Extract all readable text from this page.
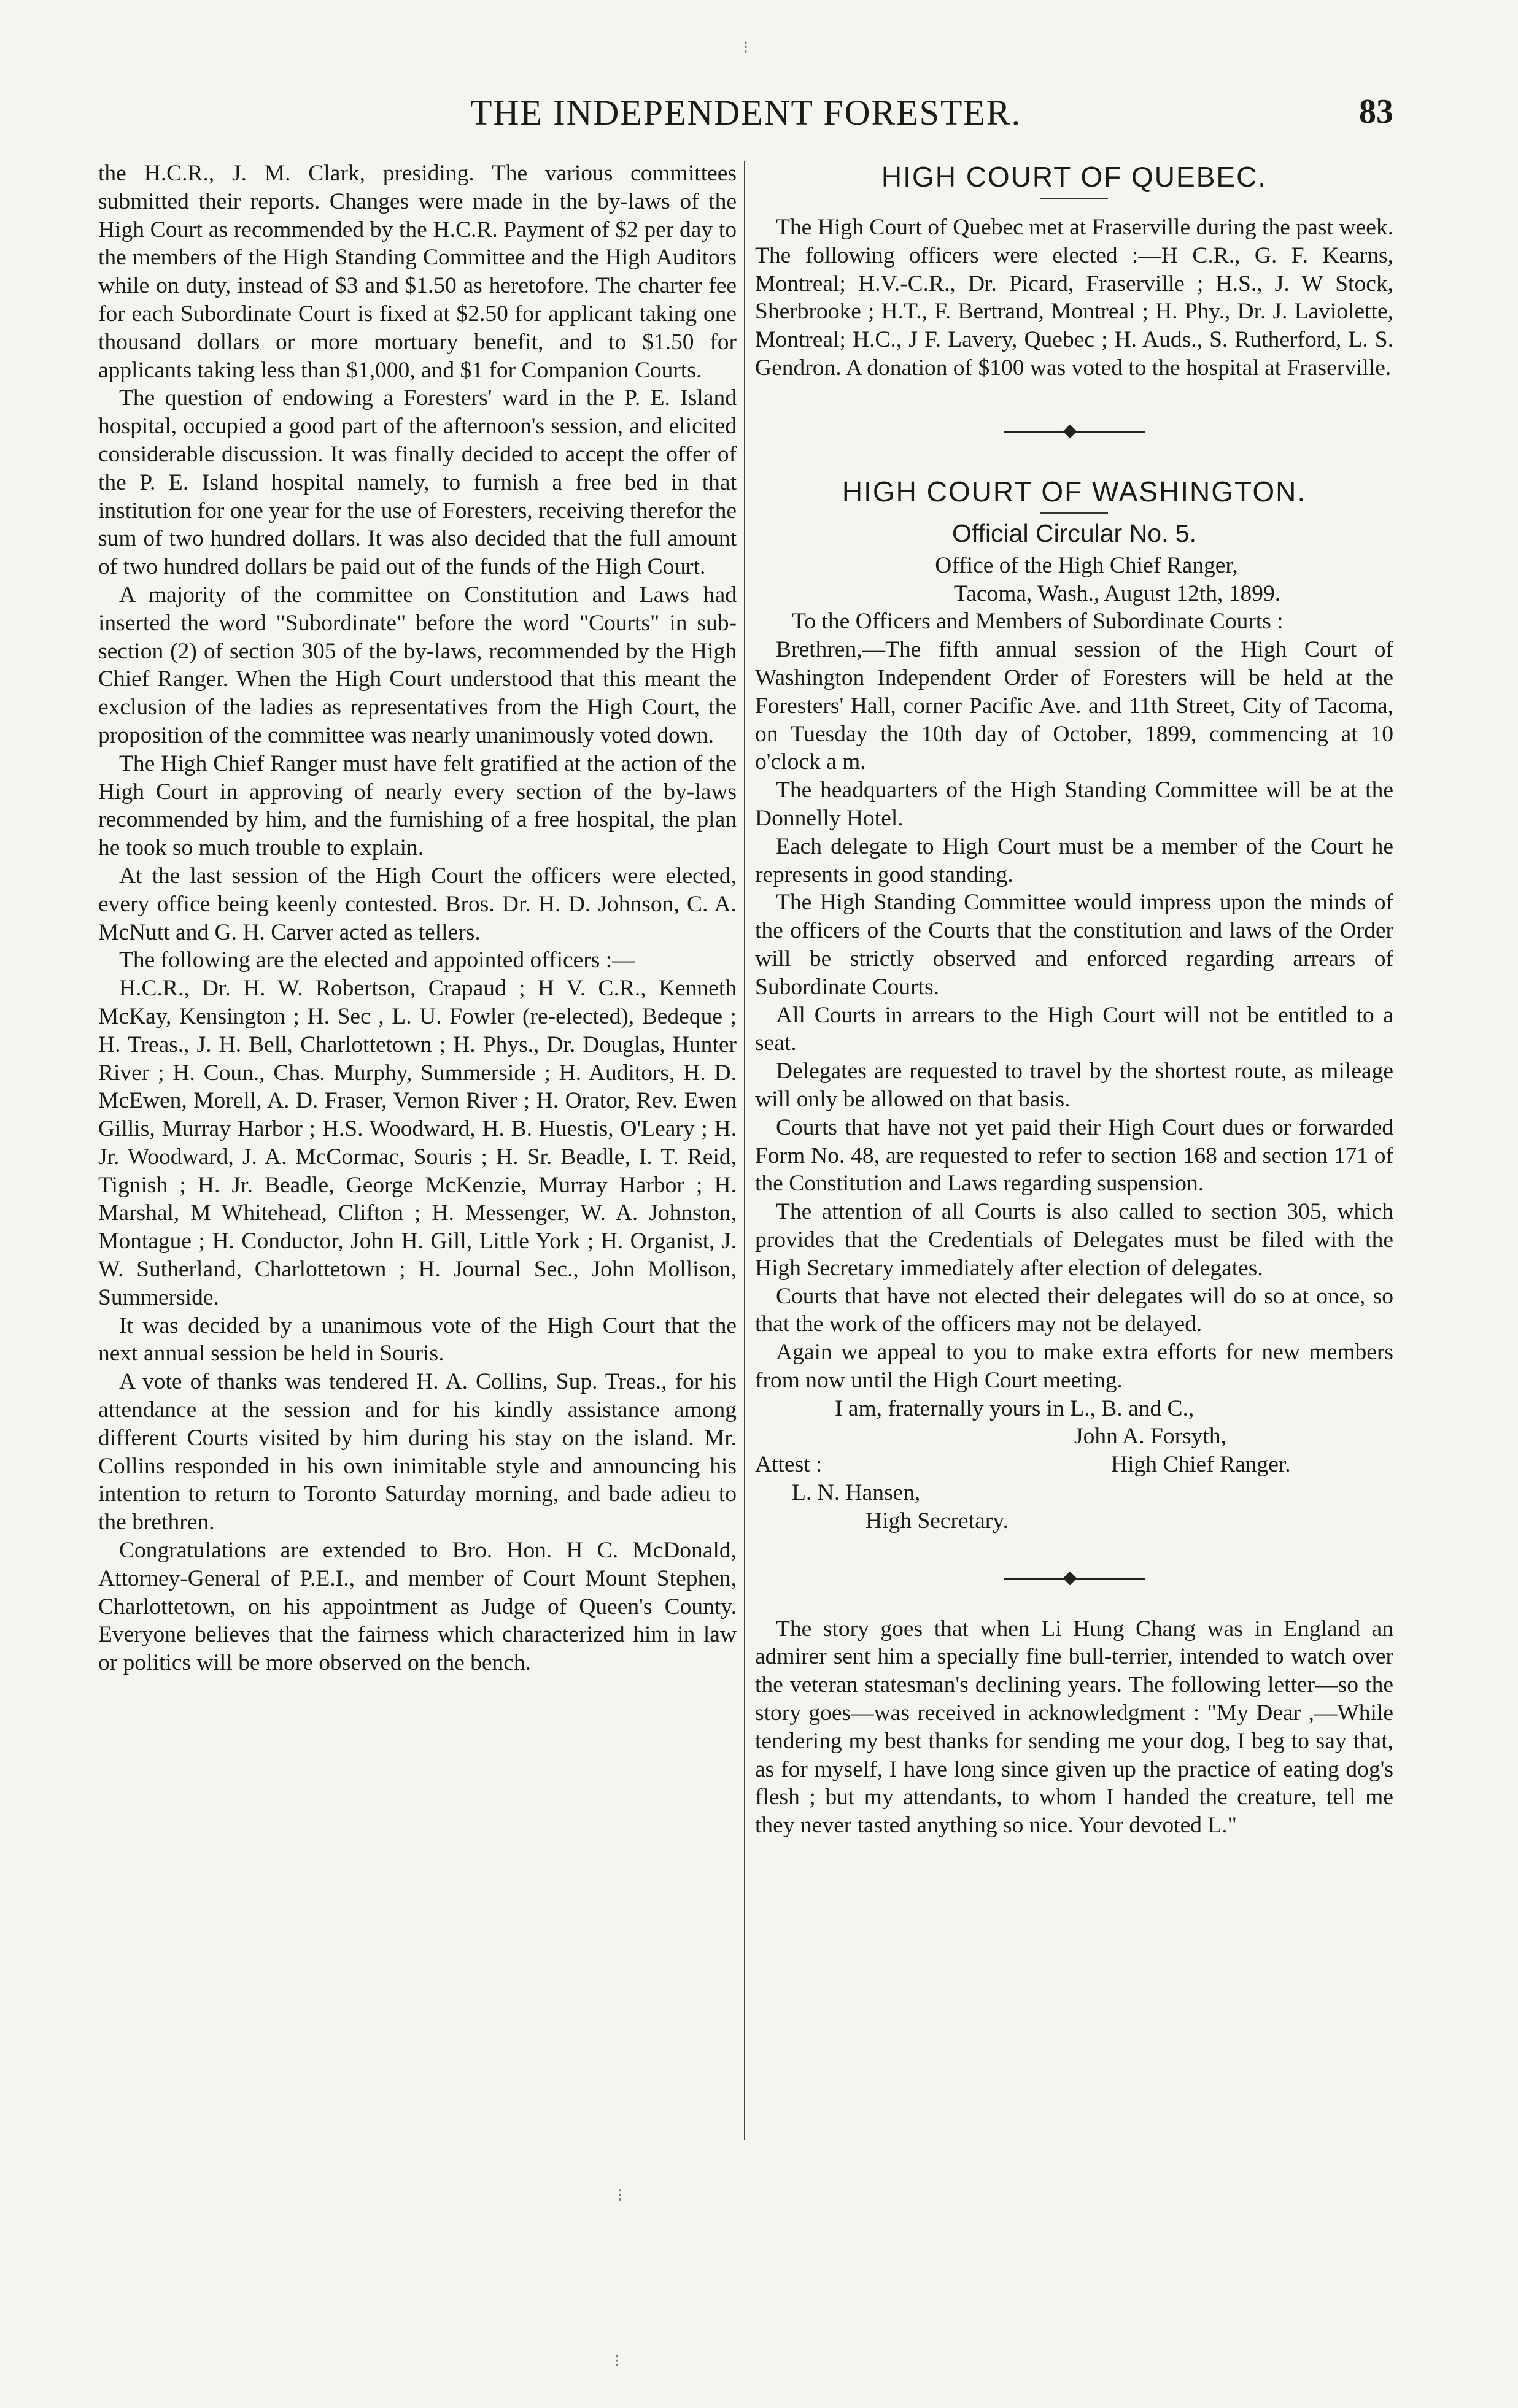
THE INDEPENDENT FORESTER.	83

the H.C.R., J. M. Clark, presiding. The various committees submitted their reports. Changes were made in the by-laws of the High Court as recommended by the H.C.R. Payment of $2 per day to the members of the High Standing Committee and the High Auditors while on duty, instead of $3 and $1.50 as heretofore. The charter fee for each Subordinate Court is fixed at $2.50 for applicant taking one thousand dollars or more mortuary benefit, and to $1.50 for applicants taking less than $1,000, and $1 for Companion Courts.

The question of endowing a Foresters' ward in the P. E. Island hospital, occupied a good part of the afternoon's session, and elicited considerable discussion. It was finally decided to accept the offer of the P. E. Island hospital namely, to furnish a free bed in that institution for one year for the use of Foresters, receiving therefor the sum of two hundred dollars. It was also decided that the full amount of two hundred dollars be paid out of the funds of the High Court.

A majority of the committee on Constitution and Laws had inserted the word "Subordinate" before the word "Courts" in sub-section (2) of section 305 of the by-laws, recommended by the High Chief Ranger. When the High Court understood that this meant the exclusion of the ladies as representatives from the High Court, the proposition of the committee was nearly unanimously voted down.

The High Chief Ranger must have felt gratified at the action of the High Court in approving of nearly every section of the by-laws recommended by him, and the furnishing of a free hospital, the plan he took so much trouble to explain.

At the last session of the High Court the officers were elected, every office being keenly contested. Bros. Dr. H. D. Johnson, C. A. McNutt and G. H. Carver acted as tellers.

The following are the elected and appointed officers :—

H.C.R., Dr. H. W. Robertson, Crapaud ; H V. C.R., Kenneth McKay, Kensington ; H. Sec , L. U. Fowler (re-elected), Bedeque ; H. Treas., J. H. Bell, Charlottetown ; H. Phys., Dr. Douglas, Hunter River ; H. Coun., Chas. Murphy, Summerside ; H. Auditors, H. D. McEwen, Morell, A. D. Fraser, Vernon River ; H. Orator, Rev. Ewen Gillis, Murray Harbor ; H.S. Woodward, H. B. Huestis, O'Leary ; H. Jr. Woodward, J. A. McCormac, Souris ; H. Sr. Beadle, I. T. Reid, Tignish ; H. Jr. Beadle, George McKenzie, Murray Harbor ; H. Marshal, M Whitehead, Clifton ; H. Messenger, W. A. Johnston, Montague ; H. Conductor, John H. Gill, Little York ; H. Organist, J. W. Sutherland, Charlottetown ; H. Journal Sec., John Mollison, Summerside.

It was decided by a unanimous vote of the High Court that the next annual session be held in Souris.

A vote of thanks was tendered H. A. Collins, Sup. Treas., for his attendance at the session and for his kindly assistance among different Courts visited by him during his stay on the island. Mr. Collins responded in his own inimitable style and announcing his intention to return to Toronto Saturday morning, and bade adieu to the brethren.

Congratulations are extended to Bro. Hon. H C. McDonald, Attorney-General of P.E.I., and member of Court Mount Stephen, Charlottetown, on his appointment as Judge of Queen's County. Everyone believes that the fairness which characterized him in law or politics will be more observed on the bench.

HIGH COURT OF QUEBEC.

The High Court of Quebec met at Fraserville during the past week. The following officers were elected :—H C.R., G. F. Kearns, Montreal; H.V.-C.R., Dr. Picard, Fraserville ; H.S., J. W Stock, Sherbrooke ; H.T., F. Bertrand, Montreal ; H. Phy., Dr. J. Laviolette, Montreal; H.C., J F. Lavery, Quebec ; H. Auds., S. Rutherford, L. S. Gendron. A donation of $100 was voted to the hospital at Fraserville.

HIGH COURT OF WASHINGTON.
Official Circular No. 5.
Office of the High Chief Ranger,
Tacoma, Wash., August 12th, 1899.

To the Officers and Members of Subordinate Courts :

Brethren,—The fifth annual session of the High Court of Washington Independent Order of Foresters will be held at the Foresters' Hall, corner Pacific Ave. and 11th Street, City of Tacoma, on Tuesday the 10th day of October, 1899, commencing at 10 o'clock a m.

The headquarters of the High Standing Committee will be at the Donnelly Hotel.

Each delegate to High Court must be a member of the Court he represents in good standing.

The High Standing Committee would impress upon the minds of the officers of the Courts that the constitution and laws of the Order will be strictly observed and enforced regarding arrears of Subordinate Courts.

All Courts in arrears to the High Court will not be entitled to a seat.

Delegates are requested to travel by the shortest route, as mileage will only be allowed on that basis.

Courts that have not yet paid their High Court dues or forwarded Form No. 48, are requested to refer to section 168 and section 171 of the Constitution and Laws regarding suspension.

The attention of all Courts is also called to section 305, which provides that the Credentials of Delegates must be filed with the High Secretary immediately after election of delegates.

Courts that have not elected their delegates will do so at once, so that the work of the officers may not be delayed.

Again we appeal to you to make extra efforts for new members from now until the High Court meeting.

I am, fraternally yours in L., B. and C.,
John A. Forsyth,
Attest :	High Chief Ranger.
L. N. Hansen,
High Secretary.

The story goes that when Li Hung Chang was in England an admirer sent him a specially fine bull-terrier, intended to watch over the veteran statesman's declining years. The following letter—so the story goes—was received in acknowledgment : "My Dear ,—While tendering my best thanks for sending me your dog, I beg to say that, as for myself, I have long since given up the practice of eating dog's flesh ; but my attendants, to whom I handed the creature, tell me they never tasted anything so nice. Your devoted L."

⁝
⁝
⁝
